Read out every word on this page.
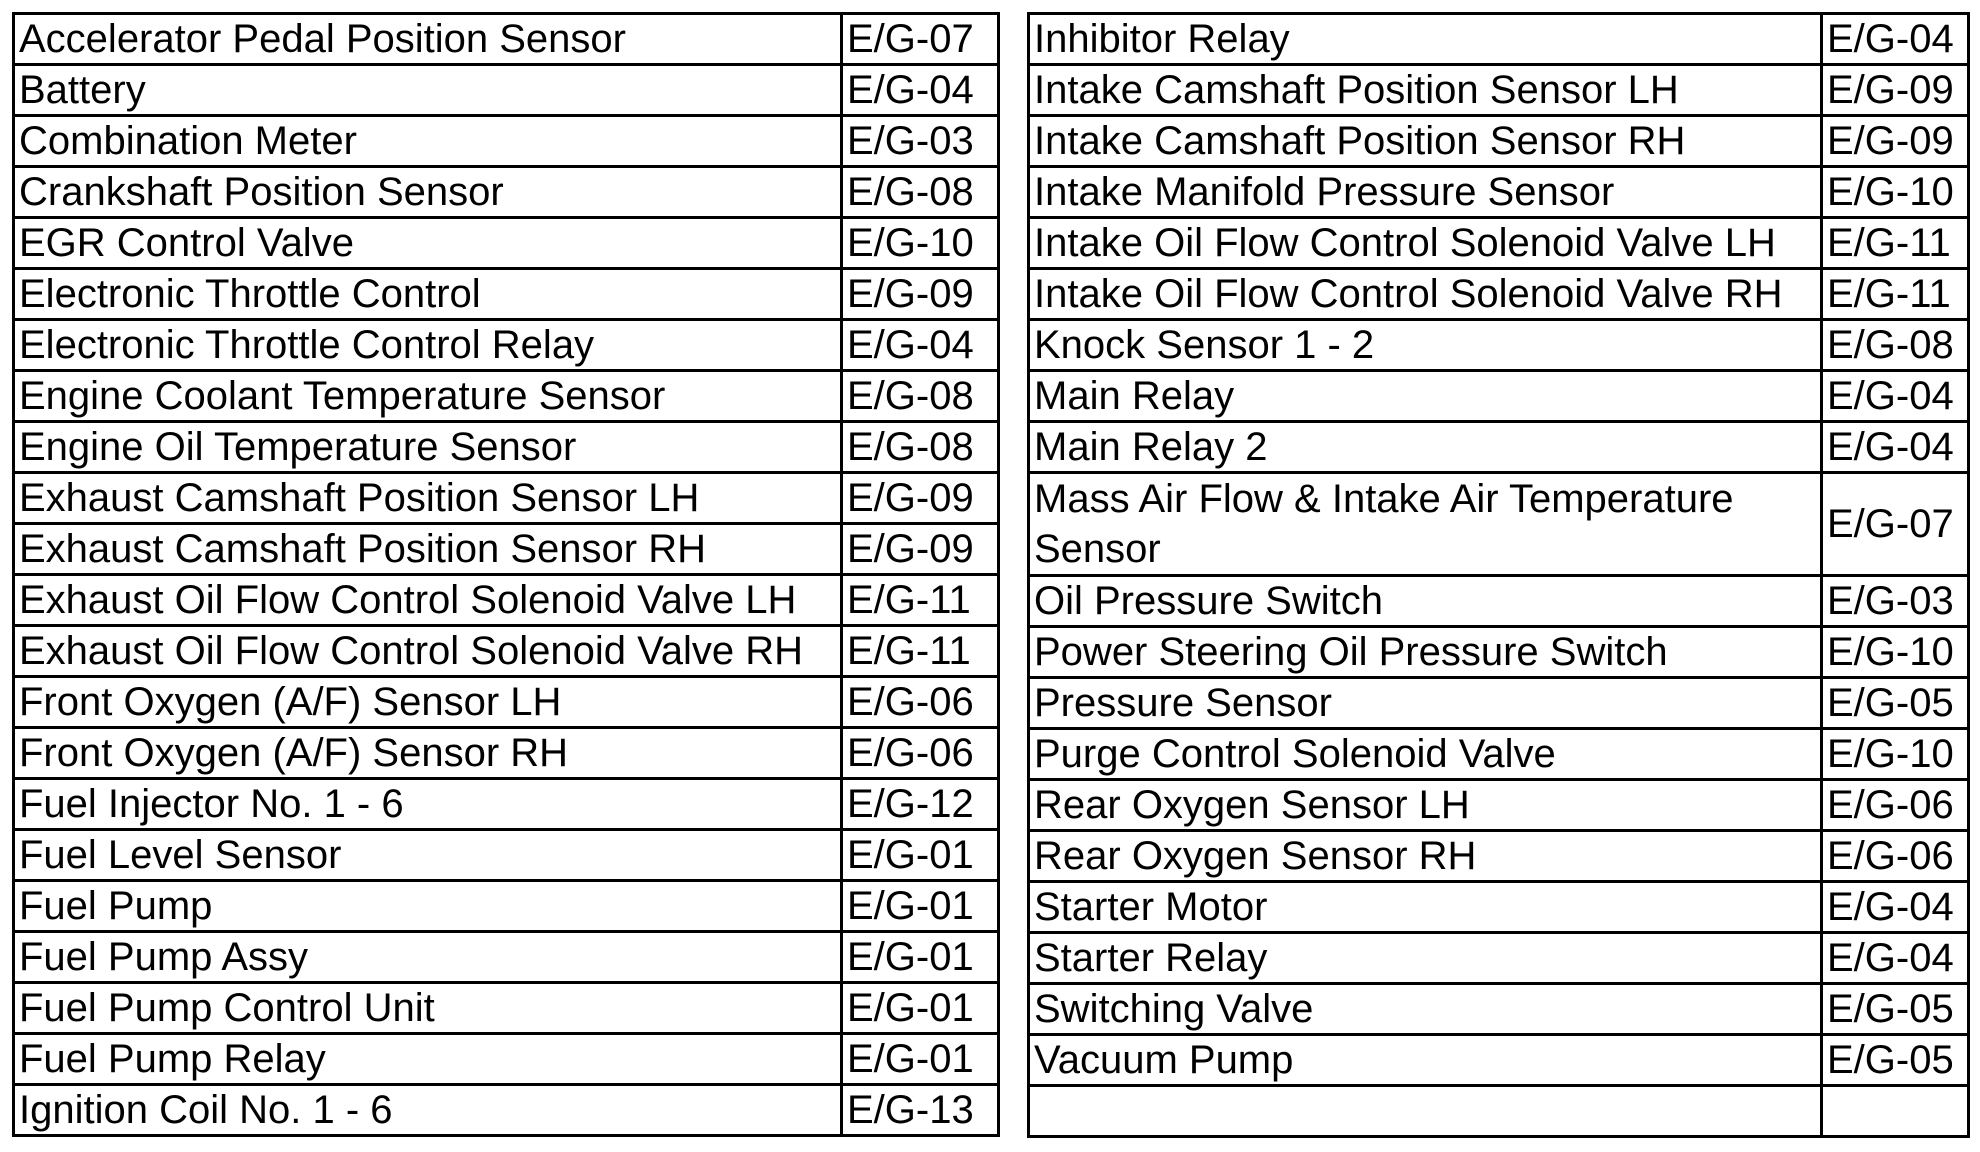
Accelerator Pedal Position Sensor	E/G-07
Battery	E/G-04
Combination Meter	E/G-03
Crankshaft Position Sensor	E/G-08
EGR Control Valve	E/G-10
Electronic Throttle Control	E/G-09
Electronic Throttle Control Relay	E/G-04
Engine Coolant Temperature Sensor	E/G-08
Engine Oil Temperature Sensor	E/G-08
Exhaust Camshaft Position Sensor LH	E/G-09
Exhaust Camshaft Position Sensor RH	E/G-09
Exhaust Oil Flow Control Solenoid Valve LH	E/G-11
Exhaust Oil Flow Control Solenoid Valve RH	E/G-11
Front Oxygen (A/F) Sensor LH	E/G-06
Front Oxygen (A/F) Sensor RH	E/G-06
Fuel Injector No. 1 - 6	E/G-12
Fuel Level Sensor	E/G-01
Fuel Pump	E/G-01
Fuel Pump Assy	E/G-01
Fuel Pump Control Unit	E/G-01
Fuel Pump Relay	E/G-01
Ignition Coil No. 1 - 6	E/G-13
Inhibitor Relay	E/G-04
Intake Camshaft Position Sensor LH	E/G-09
Intake Camshaft Position Sensor RH	E/G-09
Intake Manifold Pressure Sensor	E/G-10
Intake Oil Flow Control Solenoid Valve LH	E/G-11
Intake Oil Flow Control Solenoid Valve RH	E/G-11
Knock Sensor 1 - 2	E/G-08
Main Relay	E/G-04
Main Relay 2	E/G-04
Mass Air Flow & Intake Air Temperature Sensor	E/G-07
Oil Pressure Switch	E/G-03
Power Steering Oil Pressure Switch	E/G-10
Pressure Sensor	E/G-05
Purge Control Solenoid Valve	E/G-10
Rear Oxygen Sensor LH	E/G-06
Rear Oxygen Sensor RH	E/G-06
Starter Motor	E/G-04
Starter Relay	E/G-04
Switching Valve	E/G-05
Vacuum Pump	E/G-05
